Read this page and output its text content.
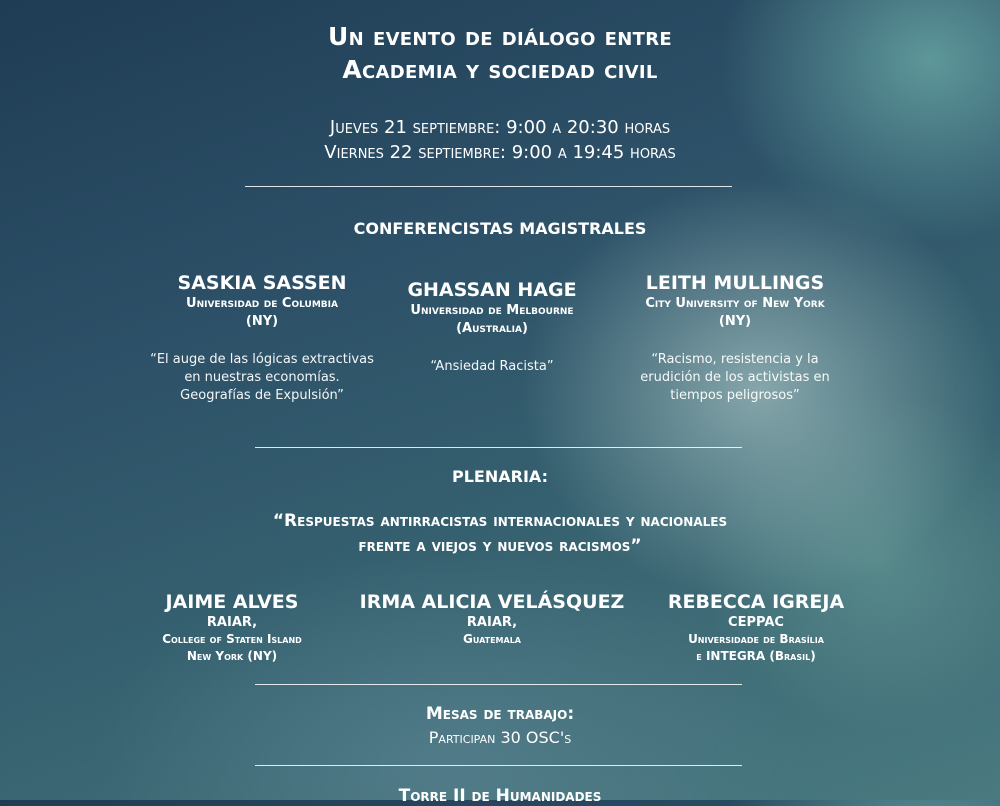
Un evento de diálogo entre
Academia y sociedad civil
Jueves 21 septiembre: 9:00 a 20:30 horas
Viernes 22 septiembre: 9:00 a 19:45 horas
CONFERENCISTAS MAGISTRALES
SASKIA SASSEN
Universidad de Columbia
(NY)
“El auge de las lógicas extractivas
en nuestras economías.
Geografías de Expulsión”
GHASSAN HAGE
Universidad de Melbourne
(Australia)
“Ansiedad Racista”
LEITH MULLINGS
City University of New York
(NY)
“Racismo, resistencia y la
erudición de los activistas en
tiempos peligrosos”
PLENARIA:
“Respuestas antirracistas internacionales y nacionales
frente a viejos y nuevos racismos”
JAIME ALVES
RAIAR,
College of Staten Island
New York (NY)
IRMA ALICIA VELÁSQUEZ
RAIAR,
Guatemala
REBECCA IGREJA
CEPPAC
Universidade de Brasília
e INTEGRA (Brasil)
Mesas de trabajo:
Participan 30 OSC's
Torre II de Humanidades
